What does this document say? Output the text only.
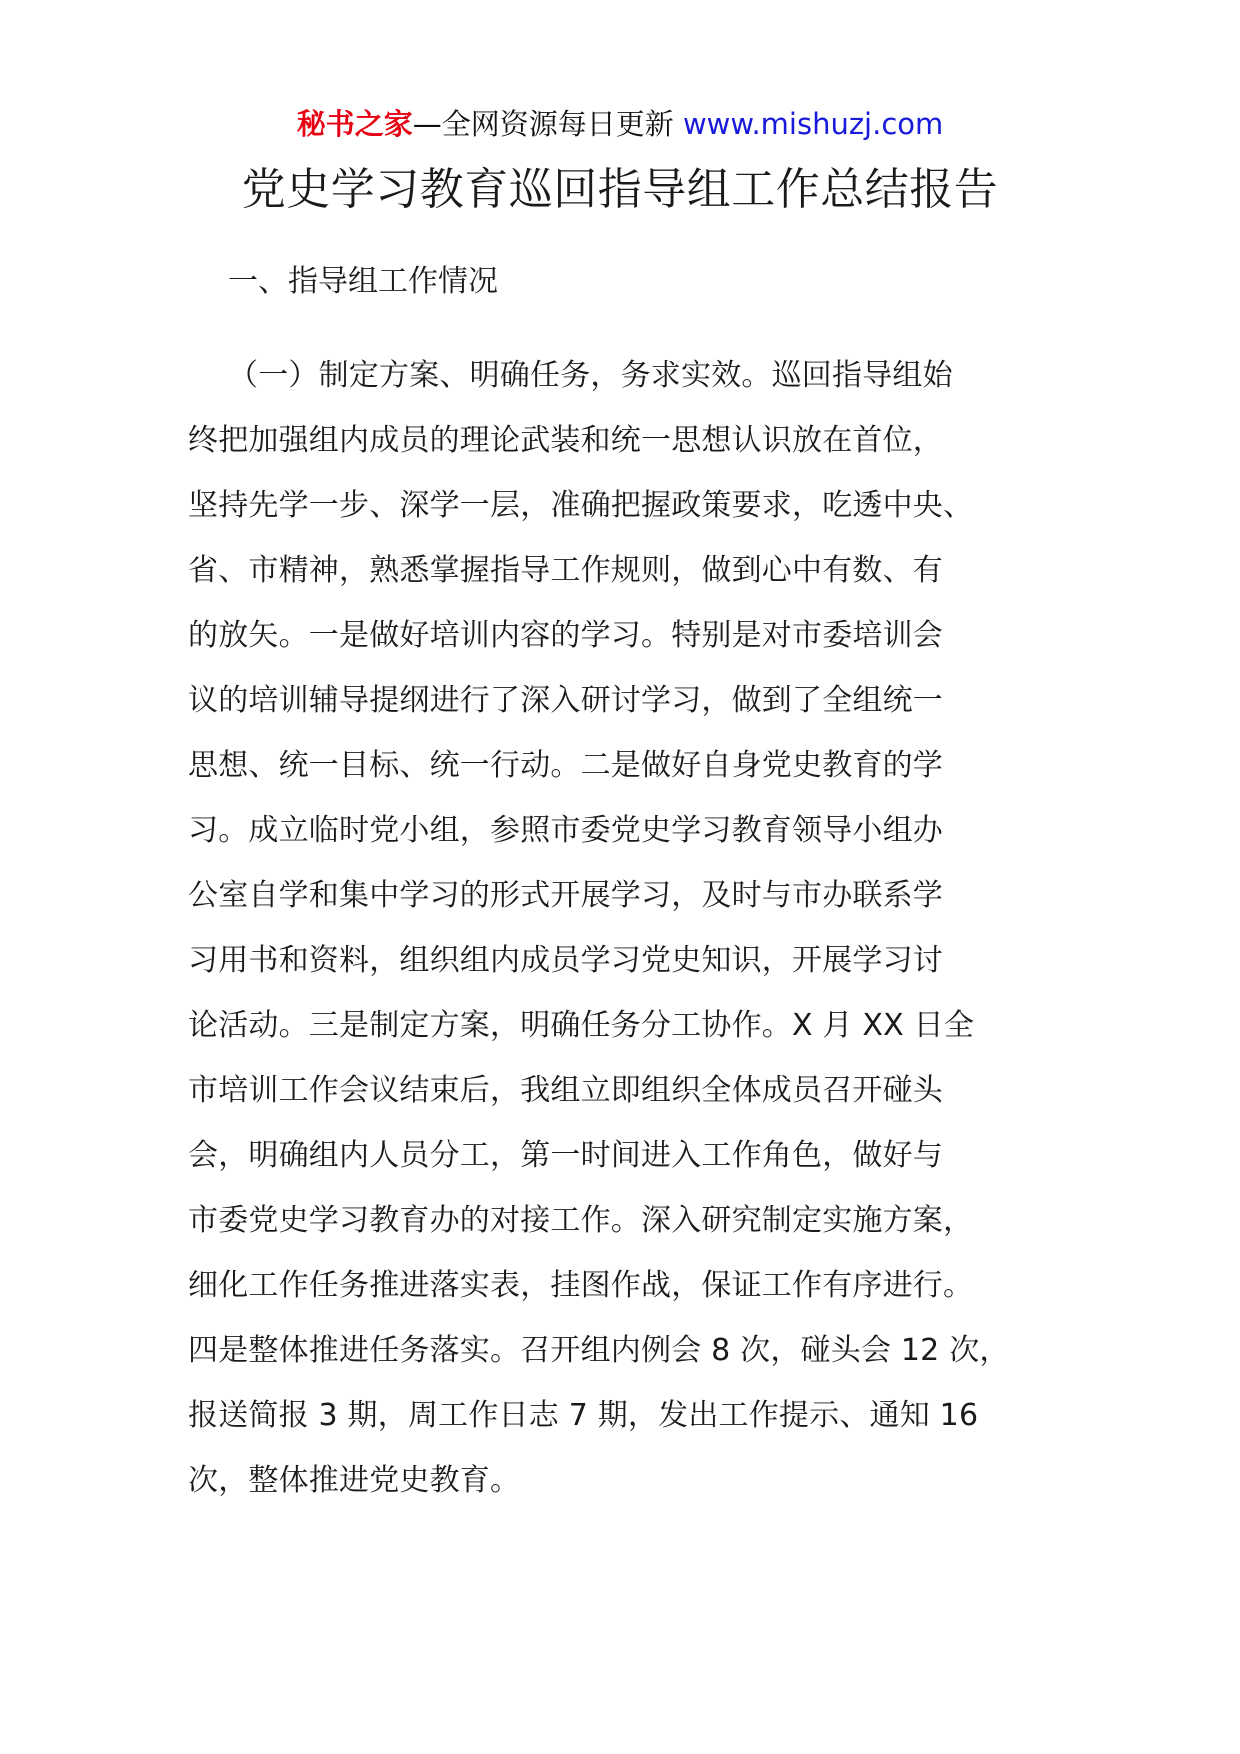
秘书之家—全网资源每日更新 www.mishuzj.com
党史学习教育巡回指导组工作总结报告
一、指导组工作情况
（一）制定方案、明确任务，务求实效。巡回指导组始
终把加强组内成员的理论武装和统一思想认识放在首位，
坚持先学一步、深学一层，准确把握政策要求，吃透中央、
省、市精神，熟悉掌握指导工作规则，做到心中有数、有
的放矢。一是做好培训内容的学习。特别是对市委培训会
议的培训辅导提纲进行了深入研讨学习，做到了全组统一
思想、统一目标、统一行动。二是做好自身党史教育的学
习。成立临时党小组，参照市委党史学习教育领导小组办
公室自学和集中学习的形式开展学习，及时与市办联系学
习用书和资料，组织组内成员学习党史知识，开展学习讨
论活动。三是制定方案，明确任务分工协作。X 月 XX 日全
市培训工作会议结束后，我组立即组织全体成员召开碰头
会，明确组内人员分工，第一时间进入工作角色，做好与
市委党史学习教育办的对接工作。深入研究制定实施方案，
细化工作任务推进落实表，挂图作战，保证工作有序进行。
四是整体推进任务落实。召开组内例会 8 次，碰头会 12 次，
报送简报 3 期，周工作日志 7 期，发出工作提示、通知 16
次，整体推进党史教育。
